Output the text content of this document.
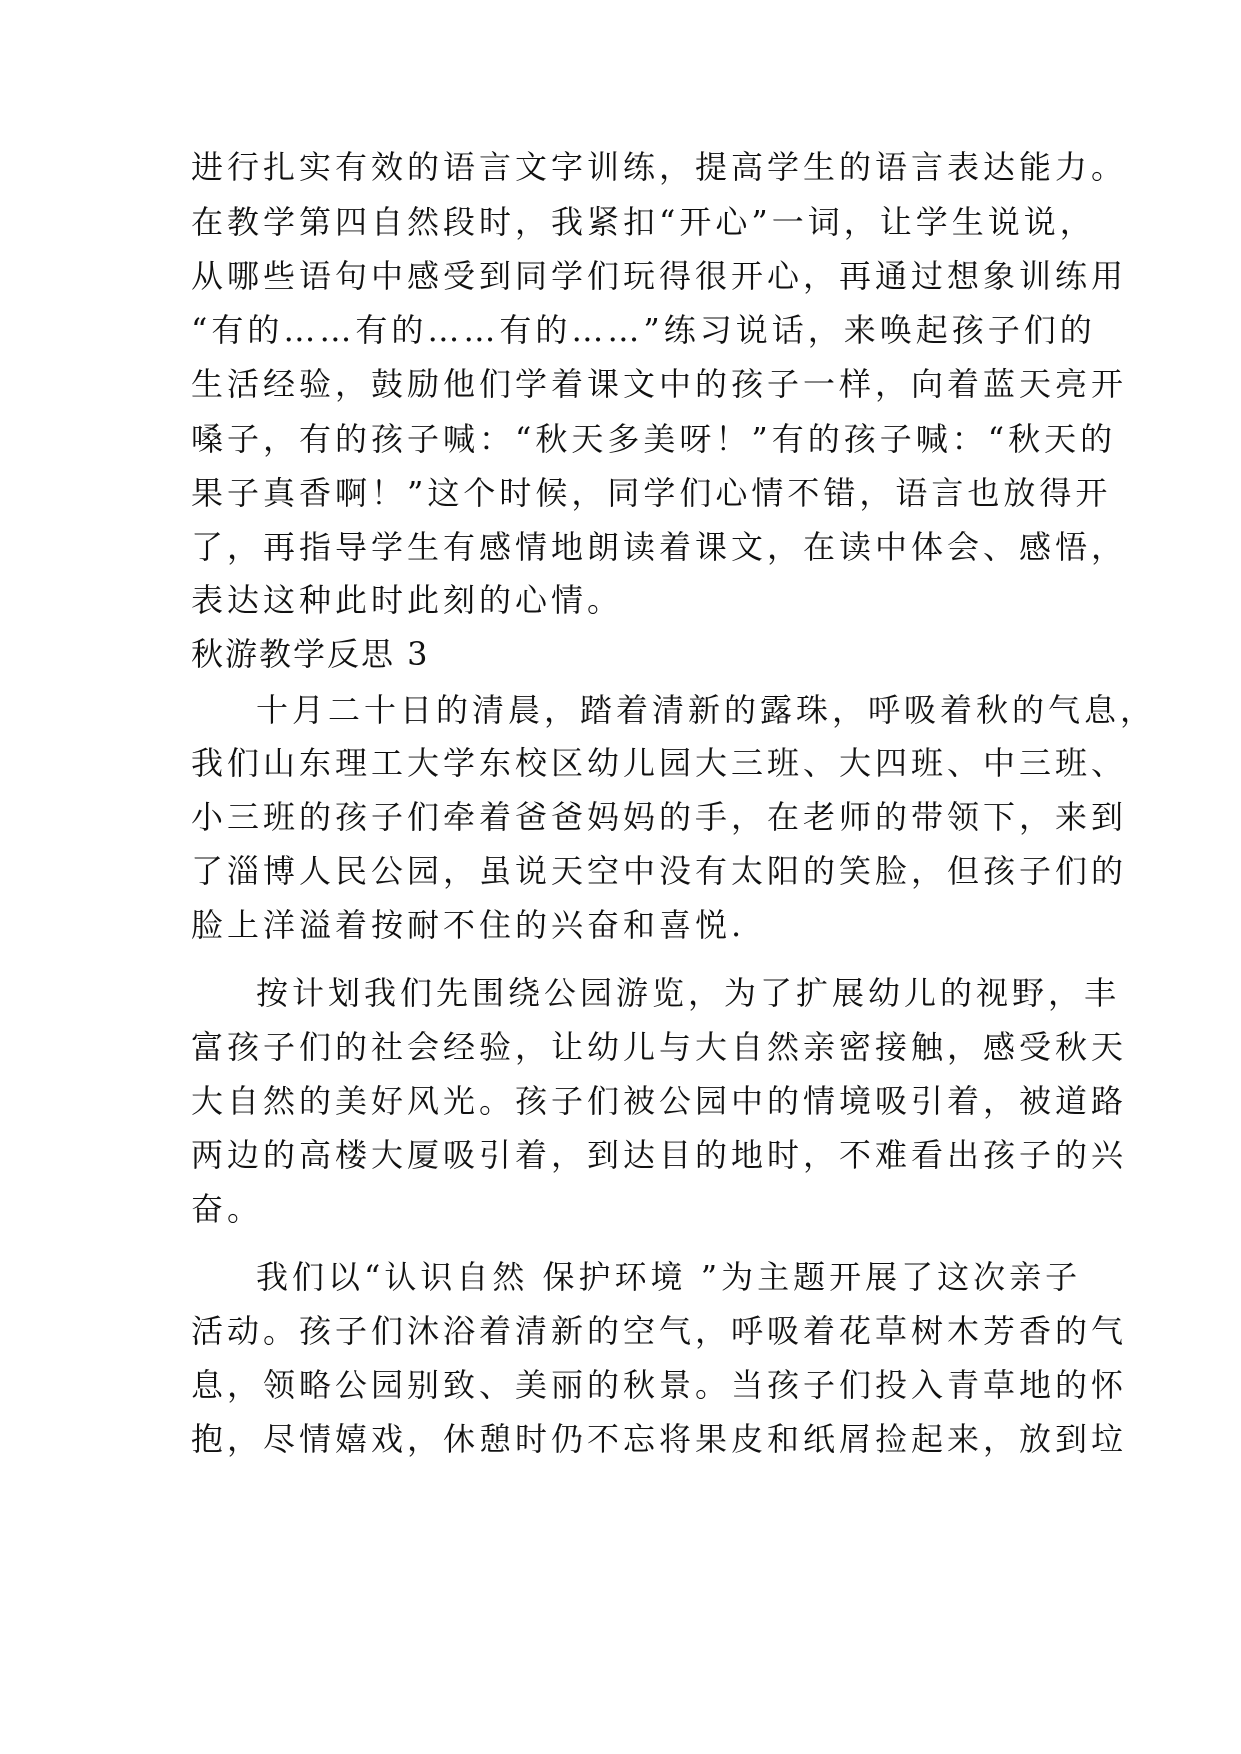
进行扎实有效的语言文字训练，提高学生的语言表达能力。
在教学第四自然段时，我紧扣“开心”一词，让学生说说，
从哪些语句中感受到同学们玩得很开心，再通过想象训练用
“有的……有的……有的……”练习说话，来唤起孩子们的
生活经验，鼓励他们学着课文中的孩子一样，向着蓝天亮开
嗓子，有的孩子喊：“秋天多美呀！”有的孩子喊：“秋天的
果子真香啊！”这个时候，同学们心情不错，语言也放得开
了，再指导学生有感情地朗读着课文，在读中体会、感悟，
表达这种此时此刻的心情。
秋游教学反思 3
十月二十日的清晨，踏着清新的露珠，呼吸着秋的气息，
我们山东理工大学东校区幼儿园大三班、大四班、中三班、
小三班的孩子们牵着爸爸妈妈的手，在老师的带领下，来到
了淄博人民公园，虽说天空中没有太阳的笑脸，但孩子们的
脸上洋溢着按耐不住的兴奋和喜悦.
按计划我们先围绕公园游览，为了扩展幼儿的视野，丰
富孩子们的社会经验，让幼儿与大自然亲密接触，感受秋天
大自然的美好风光。孩子们被公园中的情境吸引着，被道路
两边的高楼大厦吸引着，到达目的地时，不难看出孩子的兴
奋。
我们以“认识自然 保护环境 ”为主题开展了这次亲子
活动。孩子们沐浴着清新的空气，呼吸着花草树木芳香的气
息，领略公园别致、美丽的秋景。当孩子们投入青草地的怀
抱，尽情嬉戏，休憩时仍不忘将果皮和纸屑捡起来，放到垃
